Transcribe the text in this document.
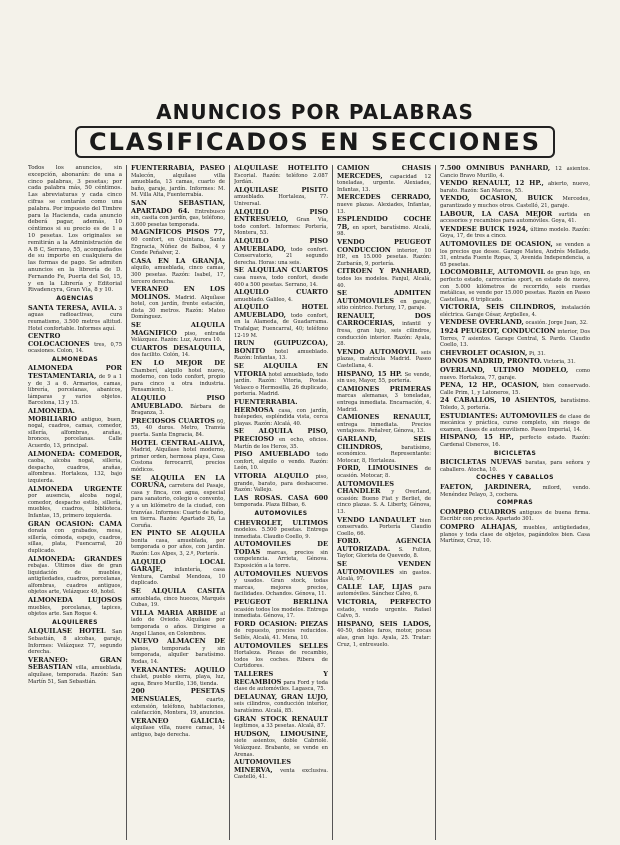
ANUNCIOS POR PALABRAS
CLASIFICADOS EN SECCIONES
Todos los anuncios, sin excepción, abonarán: de una a cinco palabras, 3 pesetas; por cada palabra más, 50 céntimos. Las abreviaturas y cada cinco cifras se contarán como una palabra. Por impuesto del Timbre para la Hacienda, cada anuncio deberá pagar, además, 10 céntimos si su precio es de 1 a 10 pesetas. Los originales se remitirán a la Administración de A B C, Serrano, 55, acompañados de su importe en cualquiera de las formas de pago. Se admiten anuncios en la librería de D. Fernando Fe, Puerta del Sol, 15, y en la Librería y Editorial Rivadencyra, Gran Vía, 8 y 10.
AGENCIAS
SANTA TERESA, AVILA. 3 aguas radioactivas, cura reumatismo, 3.500 metros altitud. Hotel confortable. Informes aquí.
CENTRO COLOCACIONES tres, 0,75 ocasiones. Colon, 14.
ALMONEDAS
ALMONEDA POR TESTAMENTARIA, de 9 a 1 y de 3 a 6. Armarios, camas, librería, porcelanas, abanicos, lámparas y varios objetos. Barcelona, 13 y 15.
ALMONEDA. MOBILIARIO antiguo, buen, nogal, cuadros, camas, comedor, sillería, alfombras, arañas, bronces, porcelanas. Calle Acuerdo, 13, principal.
ALMONEDA: COMEDOR, caoba, alcoba nogal, sillería, despacho, cuadros, arañas, alfombras. Hortaleza, 132, bajo izquierda.
ALMONEDA URGENTE por ausencia, alcoba nogal, comedor, despacho estilo, sillería, muebles, cuadros, biblioteca. Infantas, 15, primero izquierda.
GRAN OCASION: CAMA dorada con grabados, mesa, sillería, cómoda, espejo, cuadros, sillas, plata, Fuencarral, 20 duplicado.
ALMONEDA: GRANDES rebajas. Últimos días de gran liquidación de muebles, antigüedades, cuadros, porcelanas, alfombras, cuadros antiguos, objetos arte, Velázquez 49, hotel.
ALMONEDA LUJOSOS muebles, porcelanas, tapices, objetos arte. San Roque 4.
ALQUILERES
ALQUILASE HOTEL San Sebastián, 8 alcobas, garaje, Informes: Velázquez 77, segundo derecha.
VERANEO: GRAN SEBASTIAN villa, amueblada, alquílase, temporada. Razón: San Martín 51, San Sebastián.
FUENTERRABIA, PASEO Malecón, alquílase villa amueblada, 13 camas, cuarto de baño, garaje, jardín. Informes: M. M. Villa Alta, Fuenterrabía.
SAN SEBASTIAN, APARTADO 64. Entrebusco sin, casita con jardín, gas, teléfono, 3.600 pesetas temporada.
MAGNÍFICOS PISOS 77, 60 confort, en Quintana, Santa Engracia, Núñez de Balboa, 4 y Conde Peñalver, 2.
CASA EN LA GRANJA, alquilo, amueblada, cinco camas, 300 pesetas. Razón: Isabel, 17, tercero derecha.
VERANEO EN LOS MOLINOS. Madrid. Alquílase hotel, con jardín, frente estación, dista 30 metros. Razón: Mateo Domínguez.
SE ALQUILA MAGNIFICO piso, entrada Velázquez. Razón: Luz, Aurora 10.
CUARTOS DESALQUILA, dos facilito. Colón, 14.
EN LO MEJOR DE Chamberí, alquilo hotel nuevo, moderno, con todo confort, propio para cinco u otra industria. Pensamiento, 1.
ALQUILO PISO AMUEBLADO. Bárbara de Braganza, 3.
PRECIOSOS CUARTOS 60, 55, 40 duros. Metro, Tranvía puerta. Santa Engracia, 84.
HOTEL CENTRAL-ALIVA, Madrid, Alquílase hotel moderno, primer orden, hermosa playa, Casa Costona ferrocarril, precios módicos.
SE ALQUILA EN LA CORUÑA, carretera del Pasaje, casa y finca, con agua, especial para sanatorio, colegio o convento, y a un kilómetro de la ciudad, con tranvías. Informes: Cuarto de baño, en tierra. Razón: Apartado 26, La Coruña.
EN PINTO SE ALQUILA bonita casa, amueblada, por temporada o por años, con jardín. Razón: Los Alpes, 3, 2.º, Porterís.
ALQUILO LOCAL GARAJE, infantería, casa Ventura, Cambal Mendoza, 10 duplicado.
SE ALQUILA CASITA amueblada, cinco huecos, Marqués Cubas, 19.
VILLA MARIA ARBIDE al lado de Oviedo. Alquílase por temporada o años. Dirigirse a Angel Llanos, en Colombres.
NUEVO ALMACEN DE planos, temporada y sin temporada, alquiler baratísimo. Rodas, 14.
VERANANTES: AQUILO chalet, pueblo sierra, playa, luz, agua, Bravo Murillo, 136, tienda.
200 PESETAS MENSUALES,	cuarto, extensión, teléfono, habitaciones, calefacción, Montera, 19, anuncios.
VERANEO GALICIA: alquilase villa, nueve camas, 14 antiguo, bajo derecha.
ALQUILASE HOTELITO Escorial. Razón: teléfono 2.087 Jordán.
ALQUILASE PISITO amueblado. Hortaleza, 77. Universal.
ALQUILO PISO ENTRESUELO, Gran Vía, todo confort. Informes: Portería, Montera, 53.
ALQUILO PISO AMUEBLADO, todo confort. Conservatorio, 21 segundo derecha. Horas: una seis.
SE ALQUILAN CUARTOS casa nueva, todo confort, desde 400 a 500 pesetas. Serrano, 14.
ALQUILO CUARTO amueblado. Galileo, 4.
ALQUILO HOTEL AMUEBLADO, todo confort, en la Alameda, de Guadarrama. Trafalgar, Fuencarral, 40; teléfono 12-19 M.
IRUN (GUIPUZCOA), BONITO hotel amueblado. Razón: Infantas, 13.
SE ALQUILA EN VITORIA hotel amueblado, todo jardín. Razón: Vitoria, Postas. Velasco o Hermosilla, 26 duplicado, portería. Madrid.
FUENTERRABIA. HERMOSA casa, con jardín, huéspedes, espléndida vista, cerca playas. Razón: Alcalá, 40.
SE ALQUILA PISO, PRECIOSO en ocho, oficios. Martín de los Heros, 35.
PISO AMUEBLADO todo confort, alquilo o vendo. Razón: León, 10.
VITORIA ALQUILO piso, grande, barato, para deshacerse. Razón: Vallejo.
LAS ROSAS. CASA 600 temporada. Plaza Bilbao, 6.
AUTOMOVILES
CHEVROLET, ULTIMOS modelos. 5.500 pesetas. Entrega inmediata. Claudio Coello, 9.
AUTOMOVILES DE TODAS marcas, precios sin competencia. Arrieta, Génova. Exposición a la torre.
AUTOMOVILES NUEVOS y usados. Gran stock, todas marcas, mejores precios, facilidades. Ochandos. Génova, 11.
PEUGEOT BERLINA ocasión todos los modelos. Entrega inmediata. Génova, 17.
FORD OCASION: PIEZAS de repuesto, precios reducidos. Sellés, Alcalá, 41. Mena, 10.
AUTOMOVILES SELLES Hortaleza. Piezas de recambio, todos los coches. Ribera de Curtidores.
TALLERES Y RECAMBIOS para Ford y toda clase de automóviles. Lagasca, 75.
DELAUNAY, GRAN LUJO, seis cilindros, conducción interior, baratísimo. Alcalá, 85.
GRAN STOCK RENAULT legítimos, a 33 pesetas. Alcalá, 87.
HUDSON, LIMOUSINE, siete asientos, doble Cabriolé. Velázquez. Brabante, se vende en Arenas.
AUTOMOVILES MINERVA, venta exclusiva. Castelló, 41.
CAMION CHASIS MERCEDES, capacidad 12 toneladas, urgente. Alexiades, Infantas, 13.
MERCEDES CERRADO, nueve plazas. Alexiades, Infantas, 13.
ESPLENDIDO COCHE 7B, en sport, baratísimo. Alcalá, 98.
VENDO PEUGEOT CONDUCCION interior, 10 HP., en 15.000 pesetas. Razón: Zurbarán, 9, portería.
CITROEN Y PANHARD, todos los modelos. Fanjul, Alcalá, 40.
SE ADMITEN AUTOMOVILES en garaje, sitio céntrico. Fortuny, 17, garaje.
RENAULT, DOS CARROCERIAS, infantil y fresa, gran lujo, seis cilindros, conducción interior. Razón: Ayala, 28.
VENDO AUTOMOVIL seis plazas, matrícula Madrid. Paseo Castellana, 4.
HISPANO, 15 HP. Se vende, sin uso, Mayor, 55, portería.
CAMIONES PRIMERAS marcas alemanas, 3 toneladas, entrega inmediata. Encarnación, 4. Madrid.
CAMIONES RENAULT, entrega inmediata. Precios ventajosos. Peñalver, Génova, 13.
GARLAND, SEIS CILINDROS,	baratísimo, económico. Representante: Motocar, 8, Hortaleza.
FORD, LIMOUSINES de ocasión. Motocar, 8.
AUTOMOVILES CHANDLER y Overland, ocasión: Bueno Fiat y Berliet, de cinco plazas. S. A. Liberty, Génova, 13.
VENDO LANDAULET bien conservado. Portería Claudio Coello, 66.
FORD. AGENCIA AUTORIZADA. S. Fulton, Taylor, Glorieta de Quevedo, 8.
SE VENDEN AUTOMOVILES sin gastos. Alcalá, 97.
CALLE LAF, LIJAS para automóviles. Sánchez Calvo, 6.
VICTORIA, PERFECTO estado, vendo urgente. Rafael Calvo, 5.
HISPANO, SEIS LADOS, 40-50, dobles faros, motor, pocas alas, gran lujo. Ayala, 25. Tratar: Cruz, 1, entresuelo.
7.500 OMNIBUS PANHARD, 12 asientos. Cancio Bravo Murillo, 4.
VENDO RENAULT, 12 HP., abierto, nuevo, barato. Razón: San Marcos, 55.
VENDO, OCASION, BUICK Mercedes, garantizado y muchos otros. Castelló, 21, garaje.
LABOUR, LA CASA MEJOR surtida en accesorios y recambios para automóviles. Goya, 41.
VENDESE BUICK 1924, último modelo. Razón: Goya, 17, de tres a cinco.
AUTOMOVILES DE OCASION, se venden a los precios que desee. Garage Mateu, Andrés Mellado, 31, entrada Fuente Ropas, 3, Avenida Independencia, a 65 pesetas.
LOCOMOBILE, AUTOMOVIL de gran lujo, en perfecto estado, carrocerías sport, en estado de nuevo, con 5.000 kilómetros de recorrido, seis ruedas metálicas, se vende por 15.000 pesetas. Razón en Paseo Castellana, 6 triplicado.
VICTORIA, SEIS CILINDROS, instalación eléctrica. Garaje César, Argüelles, 4.
VENDESE OVERLAND, ocasión. Jorge Juan, 32.
1924 PEUGEOT, CONDUCCION interior, Dos Torres, 7 asientos. Garage Central, S. Pardo. Claudio Coello, 13.
CHEVROLET OCASION, Pi, 31.
BONOS MADRID, PRONTO. Victoria, 31.
OVERLAND, ULTIMO MODELO, como nuevo. Hortaleza, 77, garaje.
PENA, 12 HP., OCASION, bien conservado. Calle Prim, 1, y Latoneros, 15.
24 CABALLOS, 10 ASIENTOS, baratísimo. Toledo, 3, portería.
ESTUDIANTES: AUTOMOVILES de clase de mecánica y práctica, curso completo, sin riesgo de examen, clases de automovilismo. Paseo Imperial, 14.
HISPANO, 15 HP., perfecto estado. Razón: Cardenal Cisneros, 16.
BICICLETAS
BICICLETAS NUEVAS baratas, para señora y caballero. Atocha, 10.
COCHES Y CABALLOS
FAETON, JARDINERA, milord, vendo. Menéndez Pelayo, 3, cochera.
COMPRAS
COMPRO CUADROS antiguos de buena firma. Escribir con precios. Apartado 301.
COMPRO ALHAJAS, muebles, antigüedades, planos y toda clase de objetos, pagándolos bien. Casa Martínez, Cruz, 10.
